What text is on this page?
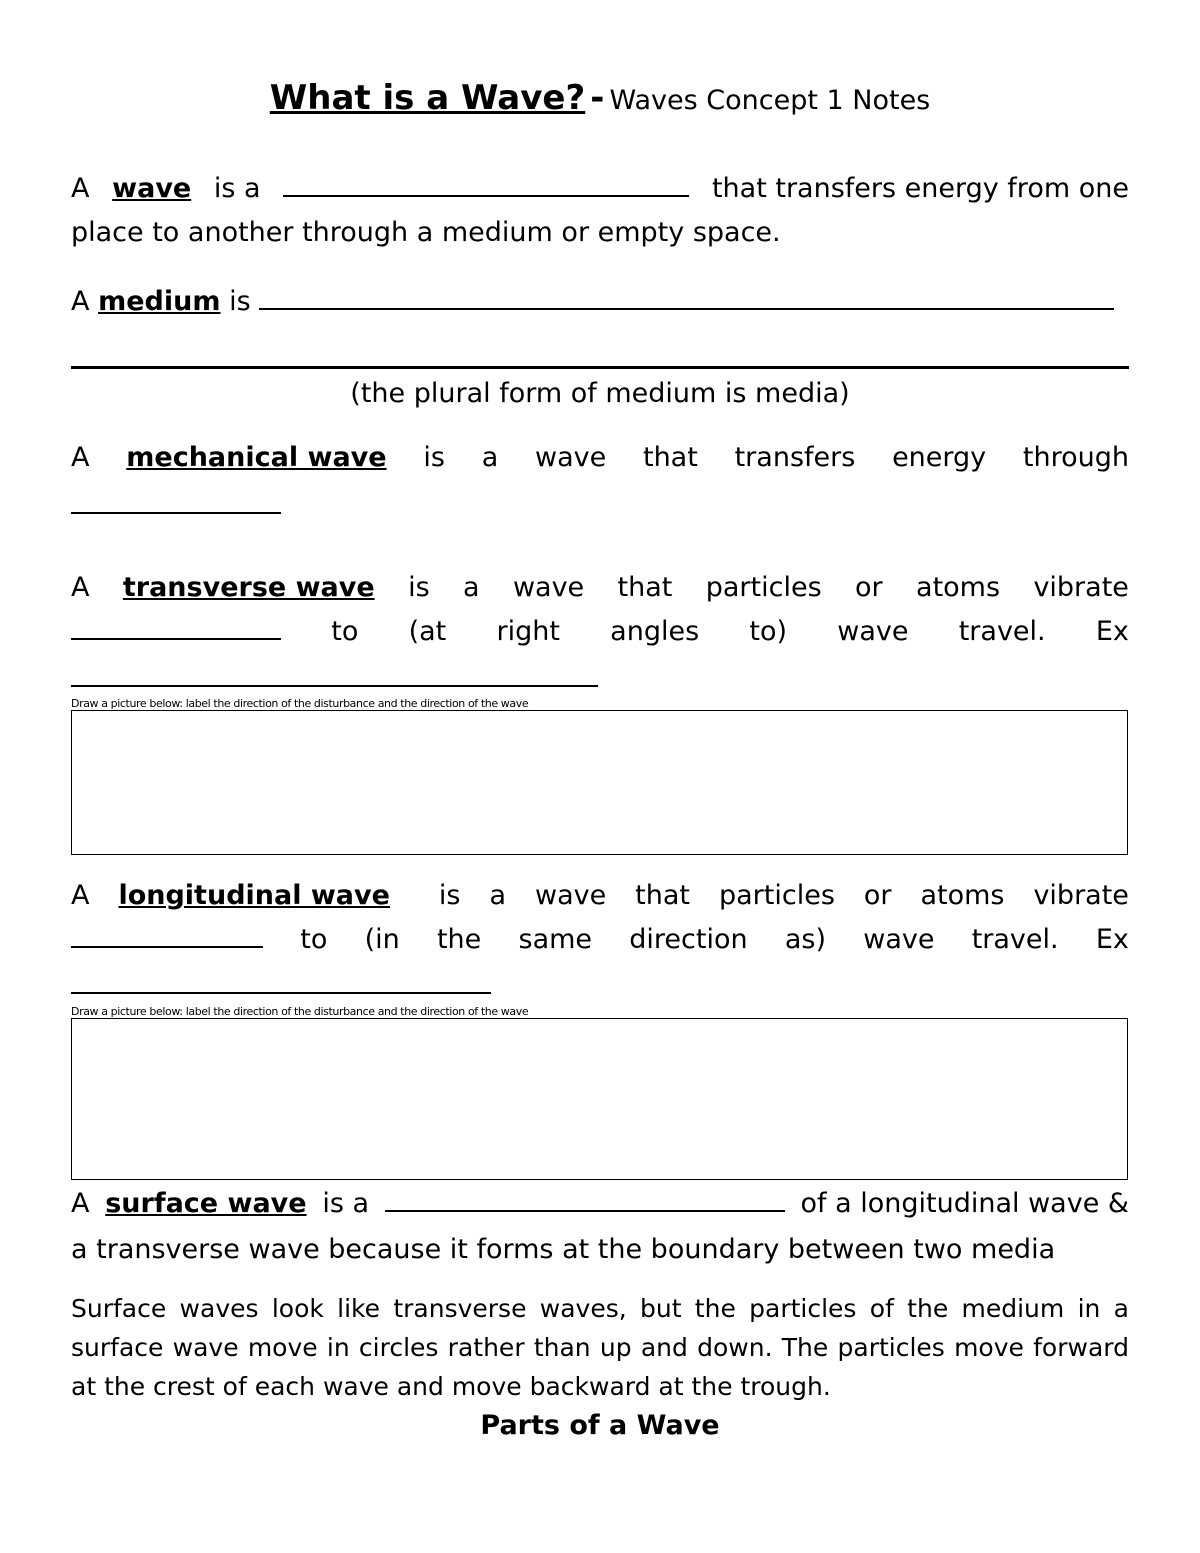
What is a Wave? - Waves Concept 1 Notes
A wave is a	that transfers energy from one
place to another through a medium or empty space.
A medium is
(the plural form of medium is media)
A mechanical wave is a wave that transfers energy through
A transverse wave is a wave that particles or atoms vibrate
to (at right angles to) wave travel. Ex
Draw a picture below: label the direction of the disturbance and the direction of the wave
A longitudinal wave	is a wave that particles or atoms vibrate
to (in the same direction as) wave travel. Ex
Draw a picture below: label the direction of the disturbance and the direction of the wave
A surface wave is a	of a longitudinal wave &
a transverse wave because it forms at the boundary between two media
Surface waves look like transverse waves, but the particles of the medium in a surface wave move in circles rather than up and down. The particles move forward at the crest of each wave and move backward at the trough.
Parts of a Wave
